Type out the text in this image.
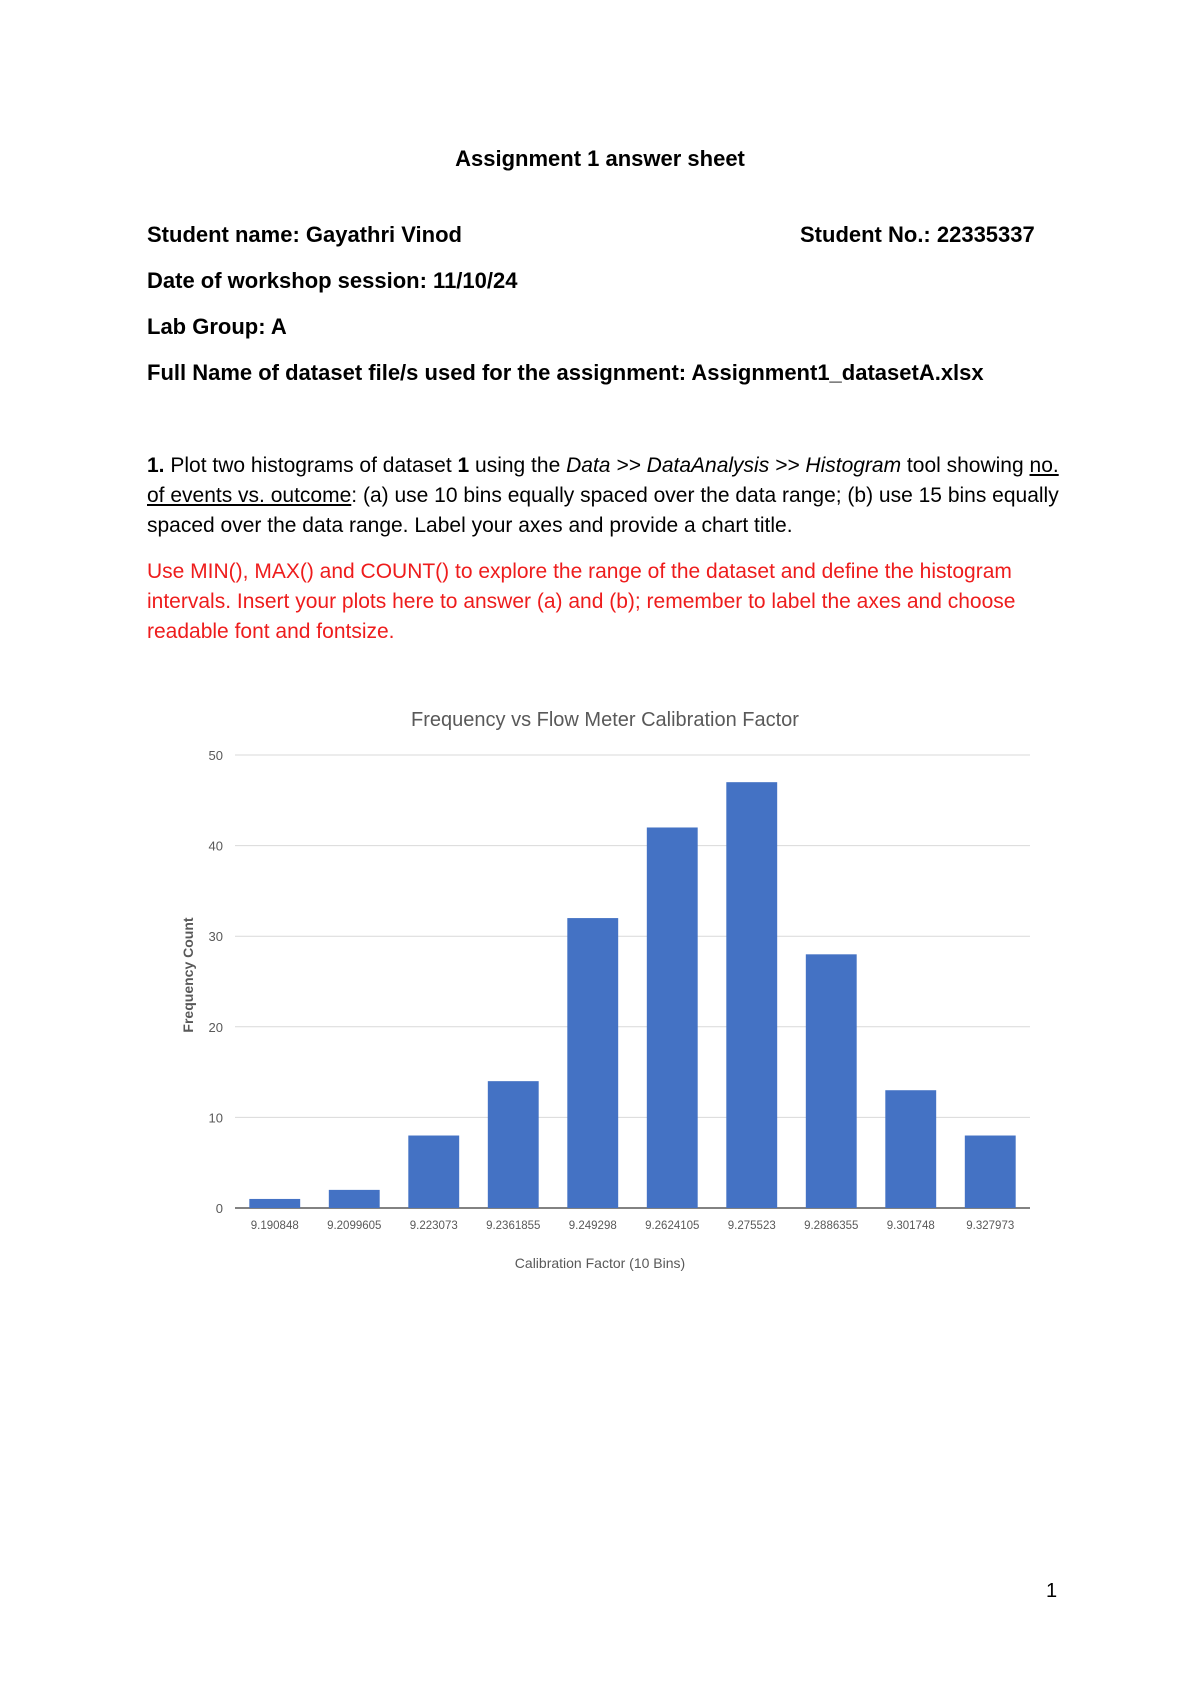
Assignment 1 answer sheet
Student name: Gayathri Vinod	Student No.: 22335337
Date of workshop session: 11/10/24
Lab Group: A
Full Name of dataset file/s used for the assignment: Assignment1_datasetA.xlsx
1. Plot two histograms of dataset 1 using the Data >> DataAnalysis >> Histogram tool showing no. of events vs. outcome: (a) use 10 bins equally spaced over the data range; (b) use 15 bins equally spaced over the data range. Label your axes and provide a chart title.
Use MIN(), MAX() and COUNT() to explore the range of the dataset and define the histogram intervals. Insert your plots here to answer (a) and (b); remember to label the axes and choose readable font and fontsize.
Frequency vs Flow Meter Calibration Factor
0
10
20
30
40
50
9.190848 9.2099605 9.223073 9.2361855 9.249298 9.2624105 9.275523 9.2886355 9.301748	9.327973
Frequency Count
Calibration Factor (10 Bins)
1
